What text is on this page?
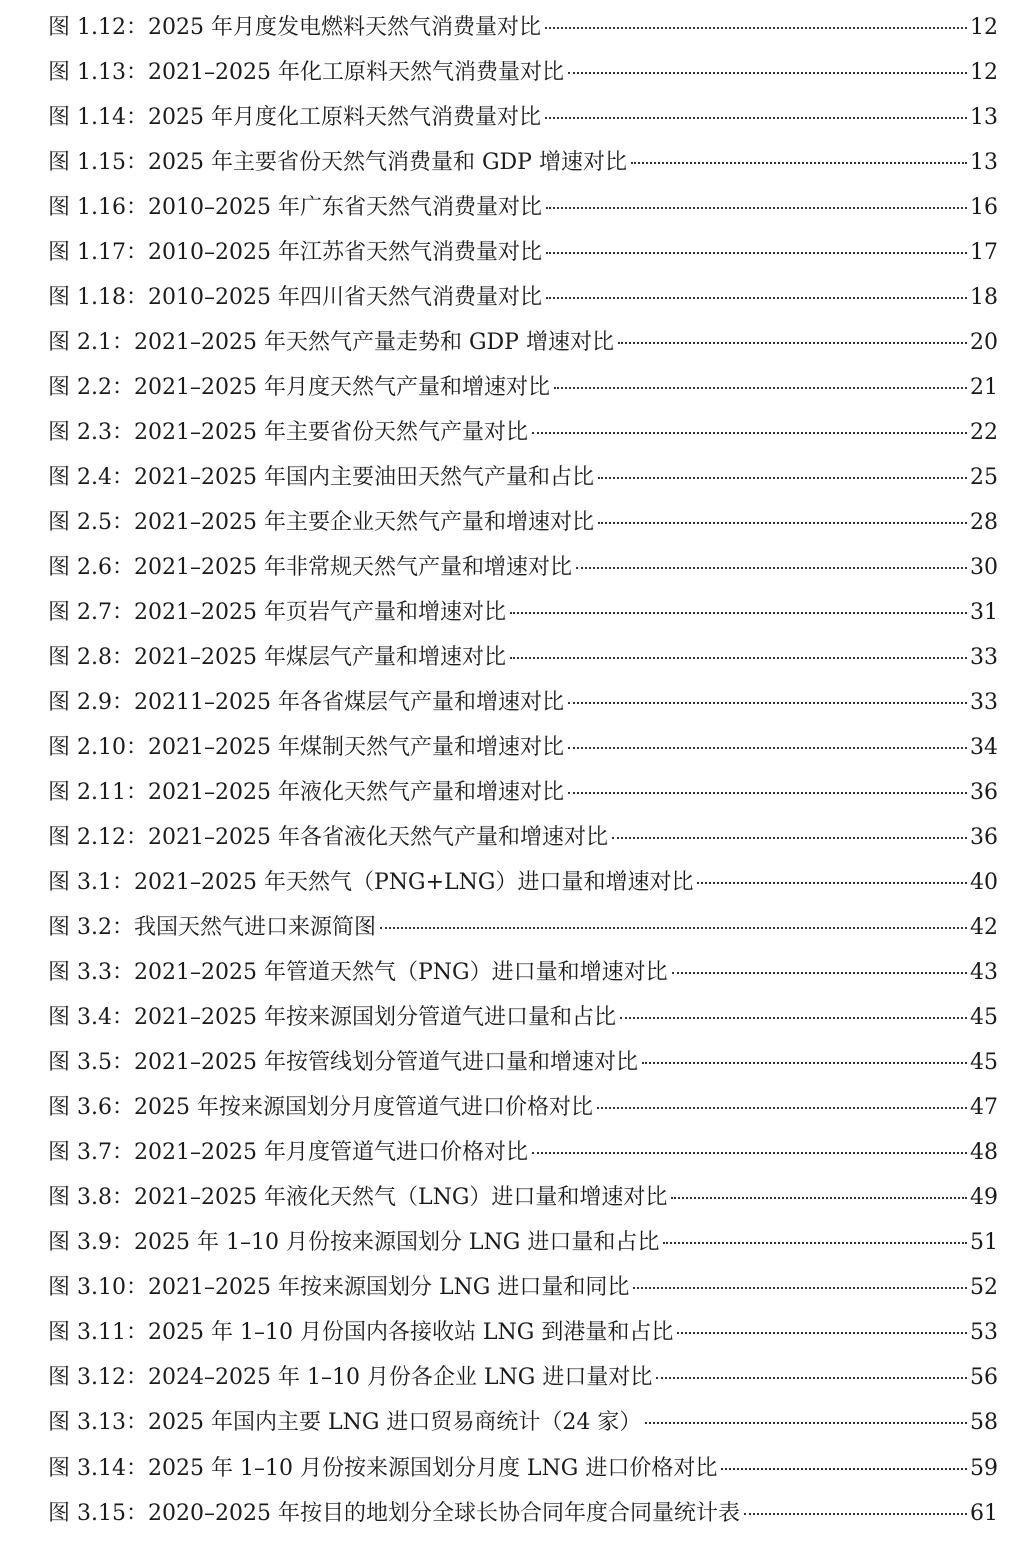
图 1.12： 2025 年月度发电燃料天然气消费量对比	12
图 1.13： 2021–2025 年化工原料天然气消费量对比	12
图 1.14： 2025 年月度化工原料天然气消费量对比	13
图 1.15： 2025 年主要省份天然气消费量和 GDP 增速对比	13
图 1.16： 2010–2025 年广东省天然气消费量对比	16
图 1.17： 2010–2025 年江苏省天然气消费量对比	17
图 1.18： 2010–2025 年四川省天然气消费量对比	18
图 2.1： 2021–2025 年天然气产量走势和 GDP 增速对比	20
图 2.2： 2021–2025 年月度天然气产量和增速对比	21
图 2.3： 2021–2025 年主要省份天然气产量对比	22
图 2.4： 2021–2025 年国内主要油田天然气产量和占比	25
图 2.5： 2021–2025 年主要企业天然气产量和增速对比	28
图 2.6： 2021–2025 年非常规天然气产量和增速对比	30
图 2.7： 2021–2025 年页岩气产量和增速对比	31
图 2.8： 2021–2025 年煤层气产量和增速对比	33
图 2.9： 20211–2025 年各省煤层气产量和增速对比	33
图 2.10： 2021–2025 年煤制天然气产量和增速对比	34
图 2.11： 2021–2025 年液化天然气产量和增速对比	36
图 2.12： 2021–2025 年各省液化天然气产量和增速对比	36
图 3.1： 2021–2025 年天然气（PNG+LNG）进口量和增速对比	40
图 3.2： 我国天然气进口来源简图	42
图 3.3： 2021–2025 年管道天然气（PNG）进口量和增速对比	43
图 3.4： 2021–2025 年按来源国划分管道气进口量和占比	45
图 3.5： 2021–2025 年按管线划分管道气进口量和增速对比	45
图 3.6： 2025 年按来源国划分月度管道气进口价格对比	47
图 3.7： 2021–2025 年月度管道气进口价格对比	48
图 3.8： 2021–2025 年液化天然气（LNG）进口量和增速对比	49
图 3.9： 2025 年 1–10 月份按来源国划分 LNG 进口量和占比	51
图 3.10： 2021–2025 年按来源国划分 LNG 进口量和同比	52
图 3.11： 2025 年 1–10 月份国内各接收站 LNG 到港量和占比	53
图 3.12： 2024–2025 年 1–10 月份各企业 LNG 进口量对比	56
图 3.13： 2025 年国内主要 LNG 进口贸易商统计（24 家）	58
图 3.14： 2025 年 1–10 月份按来源国划分月度 LNG 进口价格对比	59
图 3.15： 2020–2025 年按目的地划分全球长协合同年度合同量统计表	61
